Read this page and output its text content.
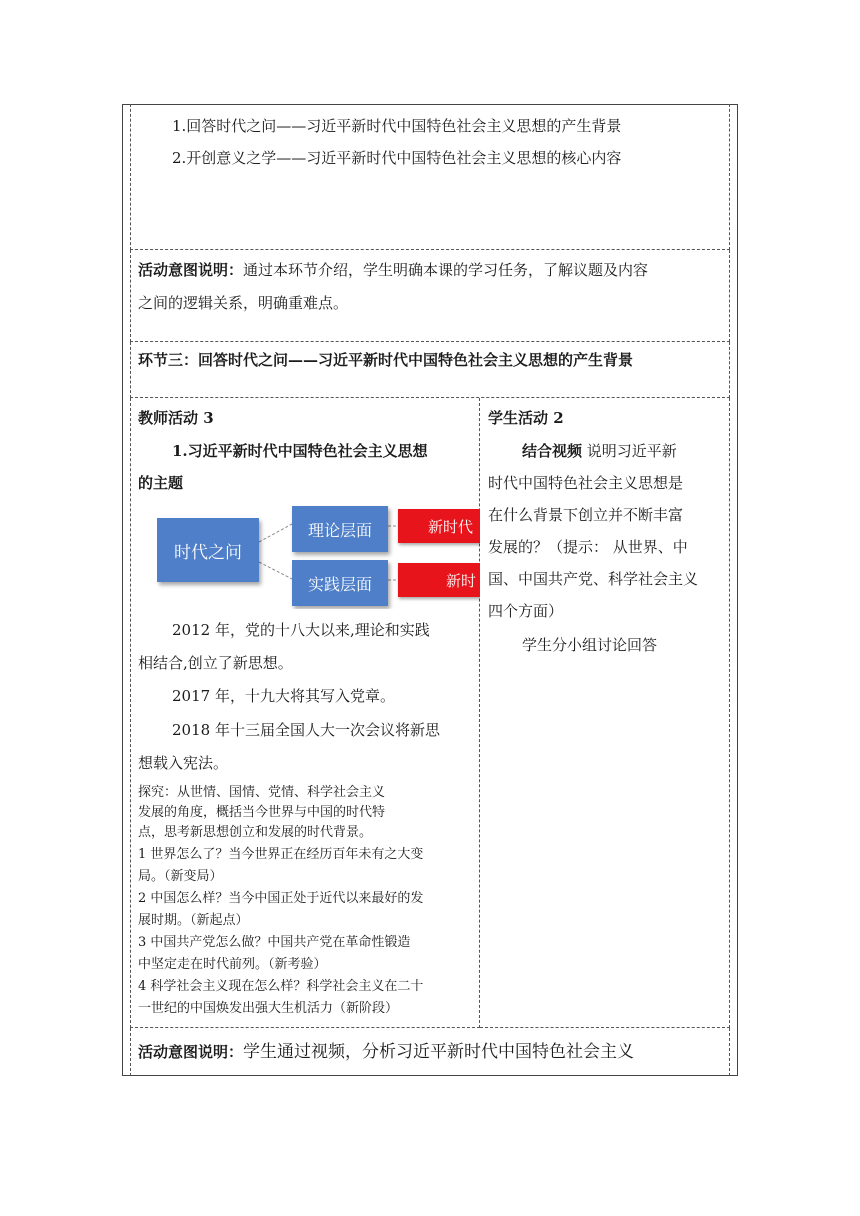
1.回答时代之问——习近平新时代中国特色社会主义思想的产生背景
2.开创意义之学——习近平新时代中国特色社会主义思想的核心内容
活动意图说明：通过本环节介绍，学生明确本课的学习任务，了解议题及内容
之间的逻辑关系，明确重难点。
环节三：回答时代之问——习近平新时代中国特色社会主义思想的产生背景
教师活动 3
1.习近平新时代中国特色社会主义思想
的主题
时代之问
理论层面
实践层面
新时代
新时
2012 年，党的十八大以来,理论和实践
相结合,创立了新思想。
2017 年，十九大将其写入党章。
2018 年十三届全国人大一次会议将新思
想载入宪法。
探究：从世情、国情、党情、科学社会主义
发展的角度，概括当今世界与中国的时代特
点，思考新思想创立和发展的时代背景。
1 世界怎么了？当今世界正在经历百年未有之大变
局。（新变局）
2 中国怎么样？当今中国正处于近代以来最好的发
展时期。（新起点）
3 中国共产党怎么做？中国共产党在革命性锻造
中坚定走在时代前列。（新考验）
4 科学社会主义现在怎么样？科学社会主义在二十
一世纪的中国焕发出强大生机活力（新阶段）
学生活动 2
结合视频 说明习近平新
时代中国特色社会主义思想是
在什么背景下创立并不断丰富
发展的？（提示： 从世界、中
国、中国共产党、科学社会主义
四个方面）
学生分小组讨论回答
活动意图说明：学生通过视频，分析习近平新时代中国特色社会主义
